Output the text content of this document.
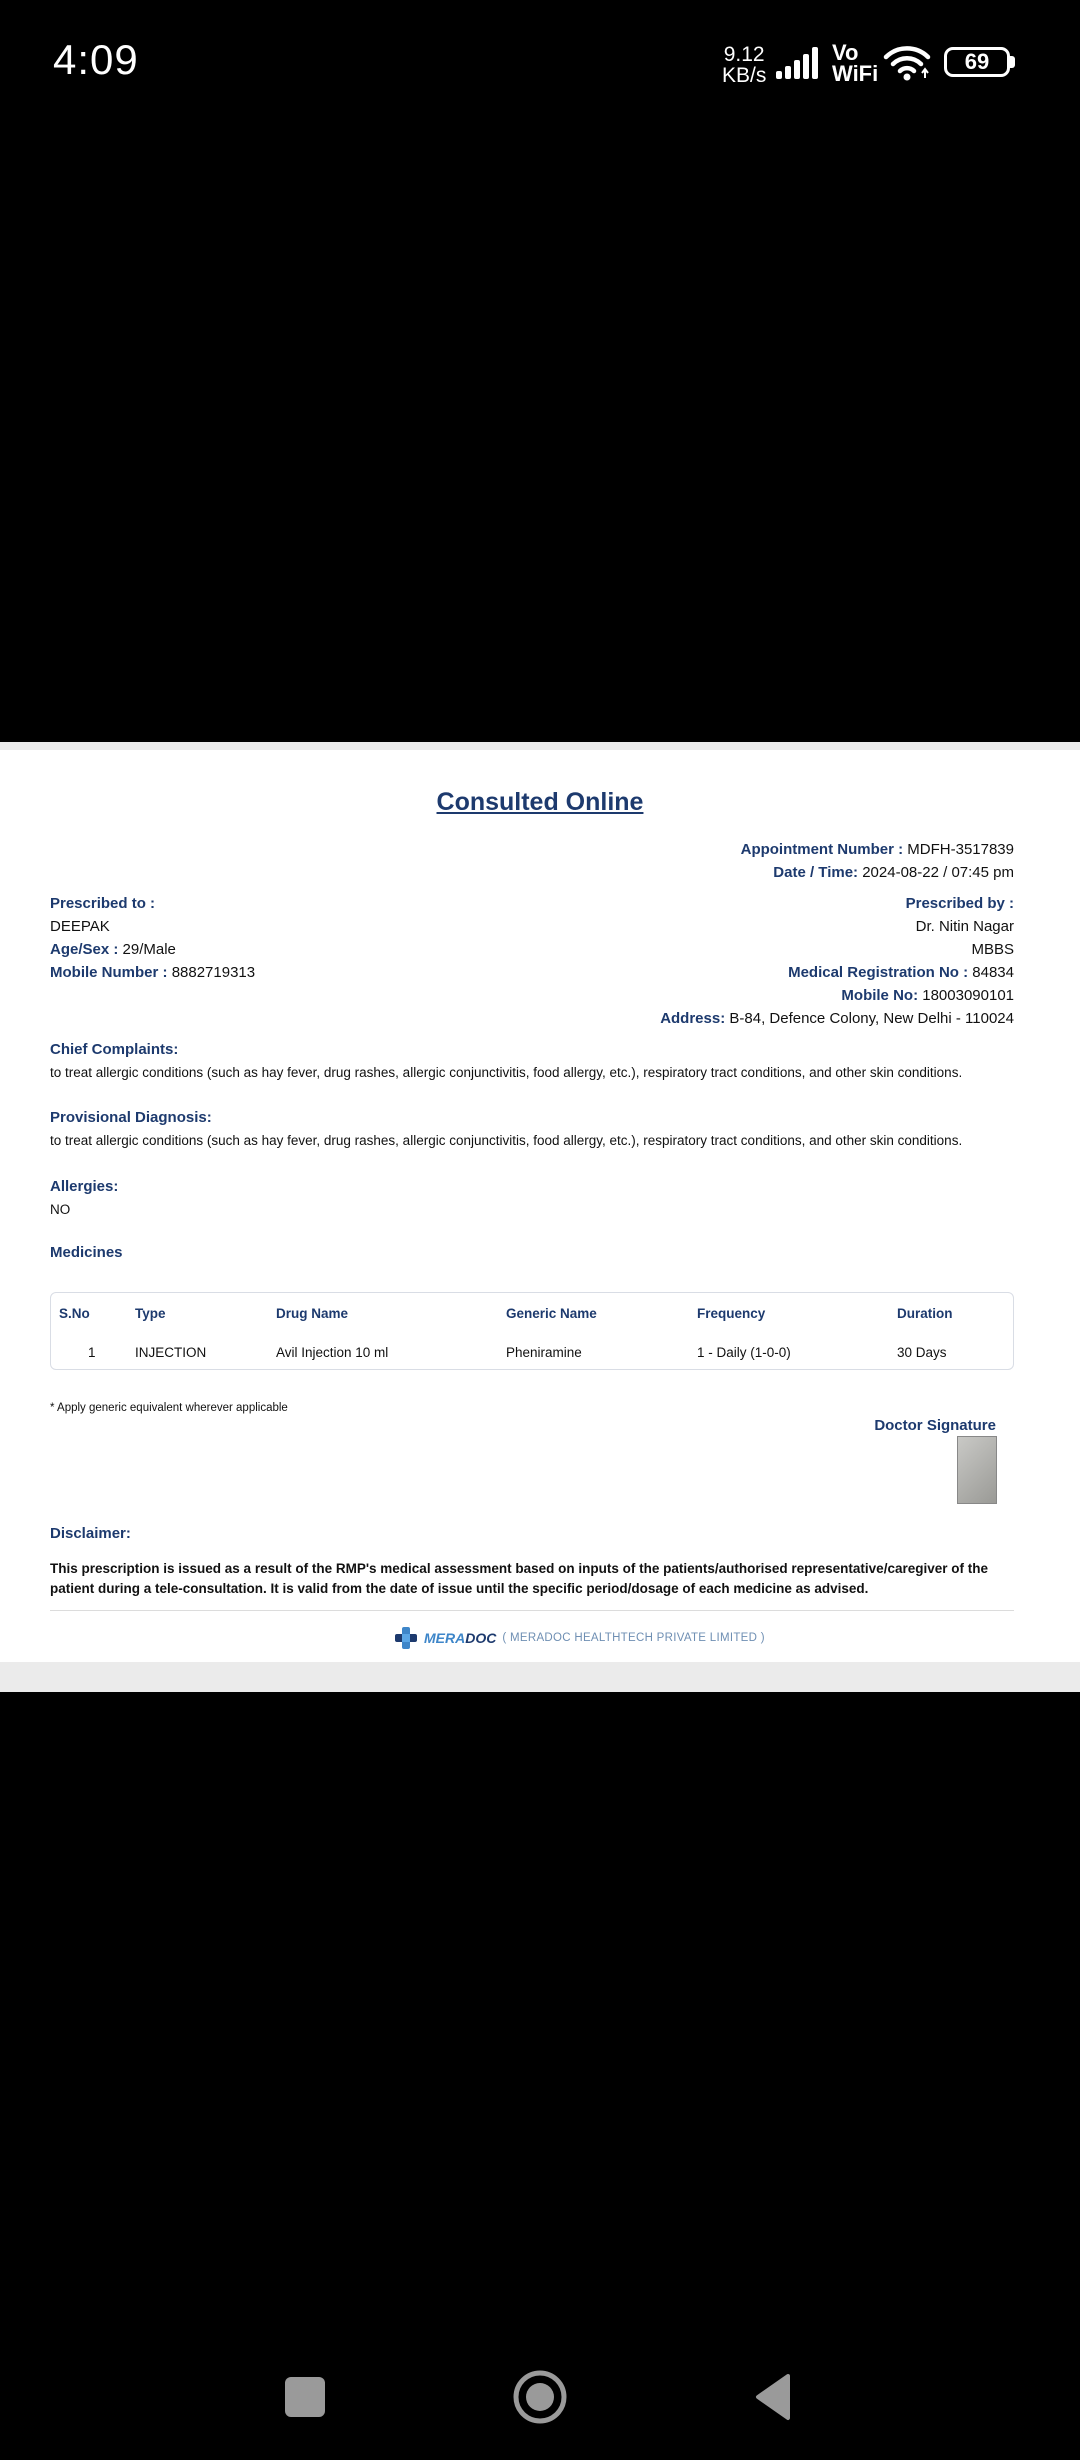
4:09	9.12
KB/s
Vo
WiFi	69
Consulted Online
Appointment Number : MDFH-3517839
Date / Time: 2024-08-22 / 07:45 pm
Prescribed to :
DEEPAK
Age/Sex : 29/Male
Mobile Number : 8882719313
Prescribed by :
Dr. Nitin Nagar
MBBS
Medical Registration No : 84834
Mobile No: 18003090101
Address: B-84, Defence Colony, New Delhi - 110024
Chief Complaints:
to treat allergic conditions (such as hay fever, drug rashes, allergic conjunctivitis, food allergy, etc.), respiratory tract conditions, and other skin conditions.
Provisional Diagnosis:
to treat allergic conditions (such as hay fever, drug rashes, allergic conjunctivitis, food allergy, etc.), respiratory tract conditions, and other skin conditions.
Allergies:
NO
Medicines
S.No	Type	Drug Name	Generic Name	Frequency	Duration
1	INJECTION	Avil Injection 10 ml	Pheniramine	1 - Daily (1-0-0)	30 Days
* Apply generic equivalent wherever applicable
Doctor Signature
Disclaimer:
This prescription is issued as a result of the RMP's medical assessment based on inputs of the patients/authorised representative/caregiver of the patient during a tele-consultation. It is valid from the date of issue until the specific period/dosage of each medicine as advised.
MERADOC ( MERADOC HEALTHTECH PRIVATE LIMITED )
